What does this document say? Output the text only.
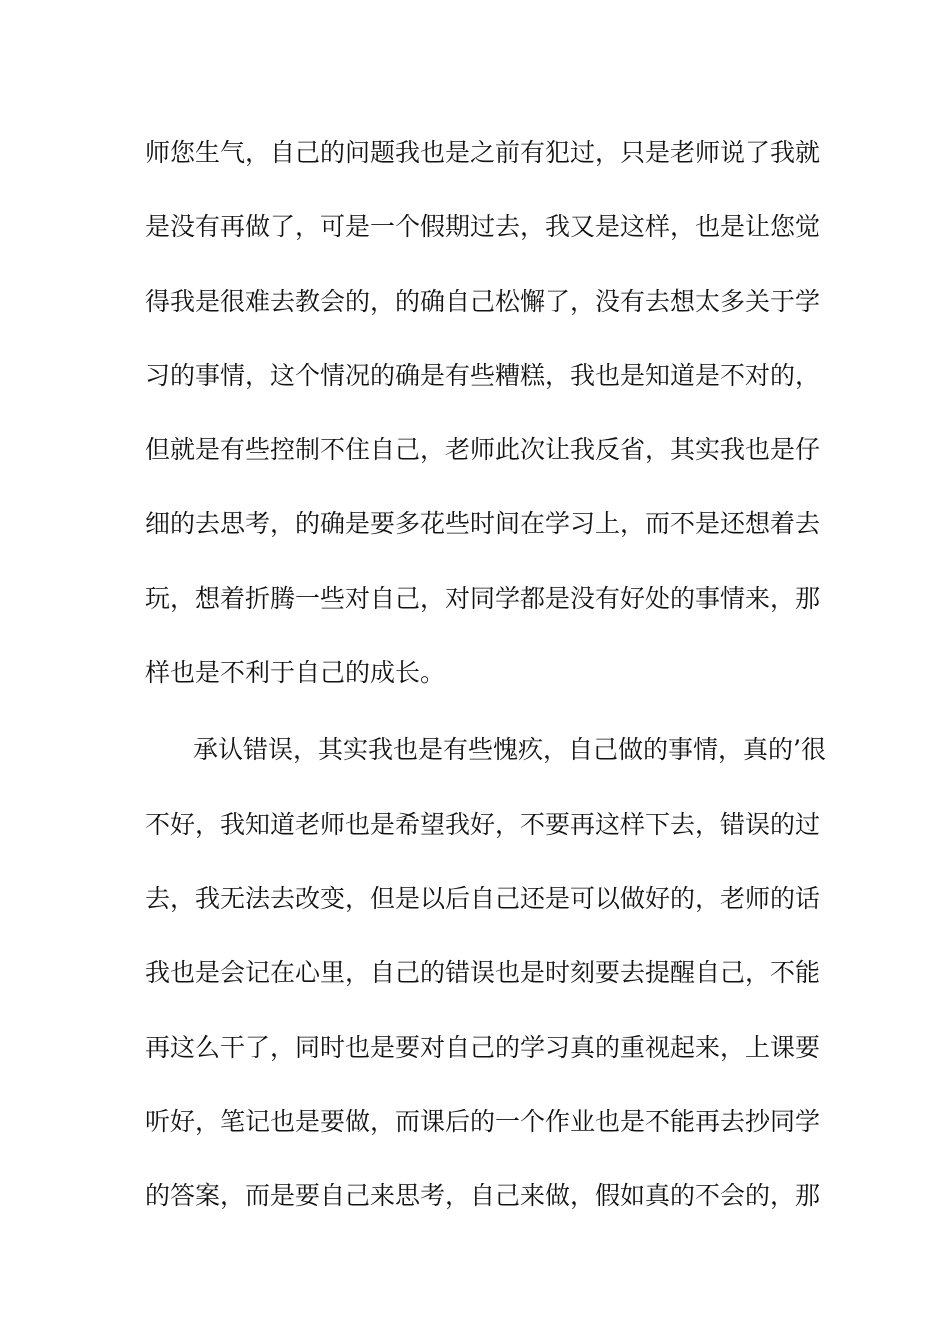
师您生气，自己的问题我也是之前有犯过，只是老师说了我就
是没有再做了，可是一个假期过去，我又是这样，也是让您觉
得我是很难去教会的，的确自己松懈了，没有去想太多关于学
习的事情，这个情况的确是有些糟糕，我也是知道是不对的，
但就是有些控制不住自己，老师此次让我反省，其实我也是仔
细的去思考，的确是要多花些时间在学习上，而不是还想着去
玩，想着折腾一些对自己，对同学都是没有好处的事情来，那
样也是不利于自己的成长。
承认错误，其实我也是有些愧疚，自己做的事情，真的’很
不好，我知道老师也是希望我好，不要再这样下去，错误的过
去，我无法去改变，但是以后自己还是可以做好的，老师的话
我也是会记在心里，自己的错误也是时刻要去提醒自己，不能
再这么干了，同时也是要对自己的学习真的重视起来，上课要
听好，笔记也是要做，而课后的一个作业也是不能再去抄同学
的答案，而是要自己来思考，自己来做，假如真的不会的，那
